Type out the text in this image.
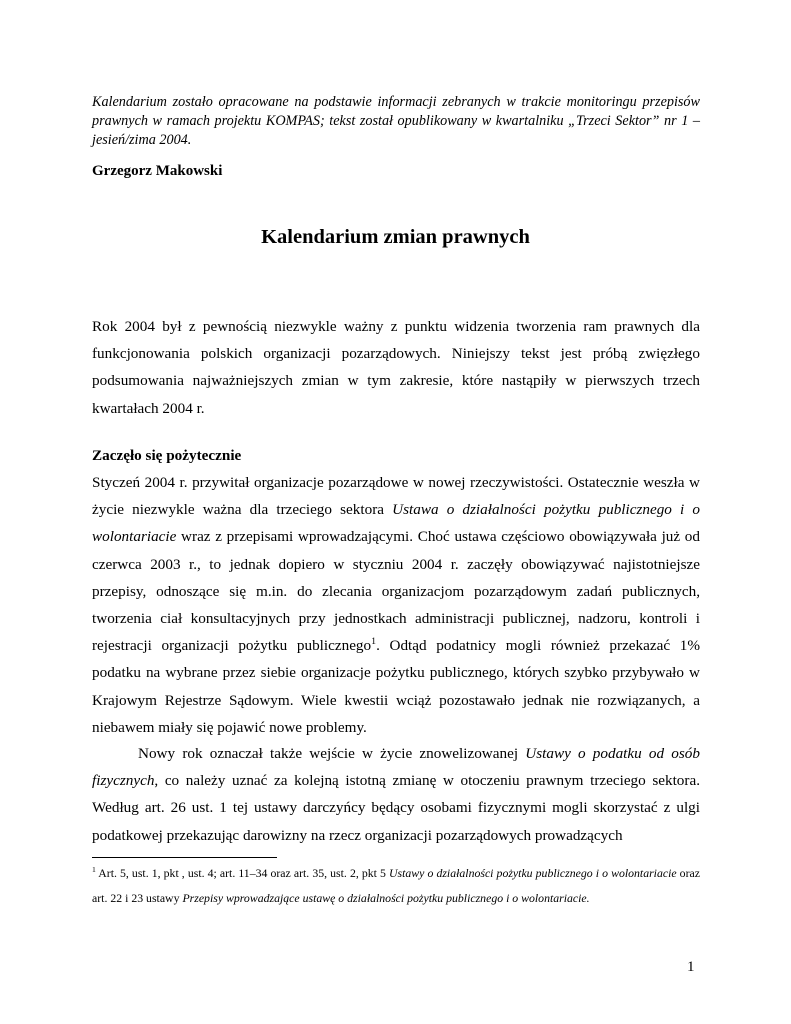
Kalendarium zostało opracowane na podstawie informacji zebranych w trakcie monitoringu przepisów prawnych w ramach projektu KOMPAS; tekst został opublikowany w kwartalniku „Trzeci Sektor” nr 1 – jesień/zima 2004.

Grzegorz Makowski
Kalendarium zmian prawnych

Rok 2004 był z pewnością niezwykle ważny z punktu widzenia tworzenia ram prawnych dla funkcjonowania polskich organizacji pozarządowych. Niniejszy tekst jest próbą zwięzłego podsumowania najważniejszych zmian w tym zakresie, które nastąpiły w pierwszych trzech kwartałach 2004 r.

Zaczęło się pożytecznie

Styczeń 2004 r. przywitał organizacje pozarządowe w nowej rzeczywistości. Ostatecznie weszła w życie niezwykle ważna dla trzeciego sektora Ustawa o działalności pożytku publicznego i o wolontariacie wraz z przepisami wprowadzającymi. Choć ustawa częściowo obowiązywała już od czerwca 2003 r., to jednak dopiero w styczniu 2004 r. zaczęły obowiązywać najistotniejsze przepisy, odnoszące się m.in. do zlecania organizacjom pozarządowym zadań publicznych, tworzenia ciał konsultacyjnych przy jednostkach administracji publicznej, nadzoru, kontroli i rejestracji organizacji pożytku publicznego$^1$. Odtąd podatnicy mogli również przekazać 1% podatku na wybrane przez siebie organizacje pożytku publicznego, których szybko przybywało w Krajowym Rejestrze Sądowym. Wiele kwestii wciąż pozostawało jednak nie rozwiązanych, a niebawem miały się pojawić nowe problemy.

Nowy rok oznaczał także wejście w życie znowelizowanej Ustawy o podatku od osób fizycznych, co należy uznać za kolejną istotną zmianę w otoczeniu prawnym trzeciego sektora. Według art. 26 ust. 1 tej ustawy darczyńcy będący osobami fizycznymi mogli skorzystać z ulgi podatkowej przekazując darowizny na rzecz organizacji pozarządowych prowadzących

$^1$ Art. 5, ust. 1, pkt , ust. 4; art. 11–34 oraz art. 35, ust. 2, pkt 5 Ustawy o działalności pożytku publicznego i o wolontariacie oraz art. 22 i 23 ustawy Przepisy wprowadzające ustawę o działalności pożytku publicznego i o wolontariacie.

1
